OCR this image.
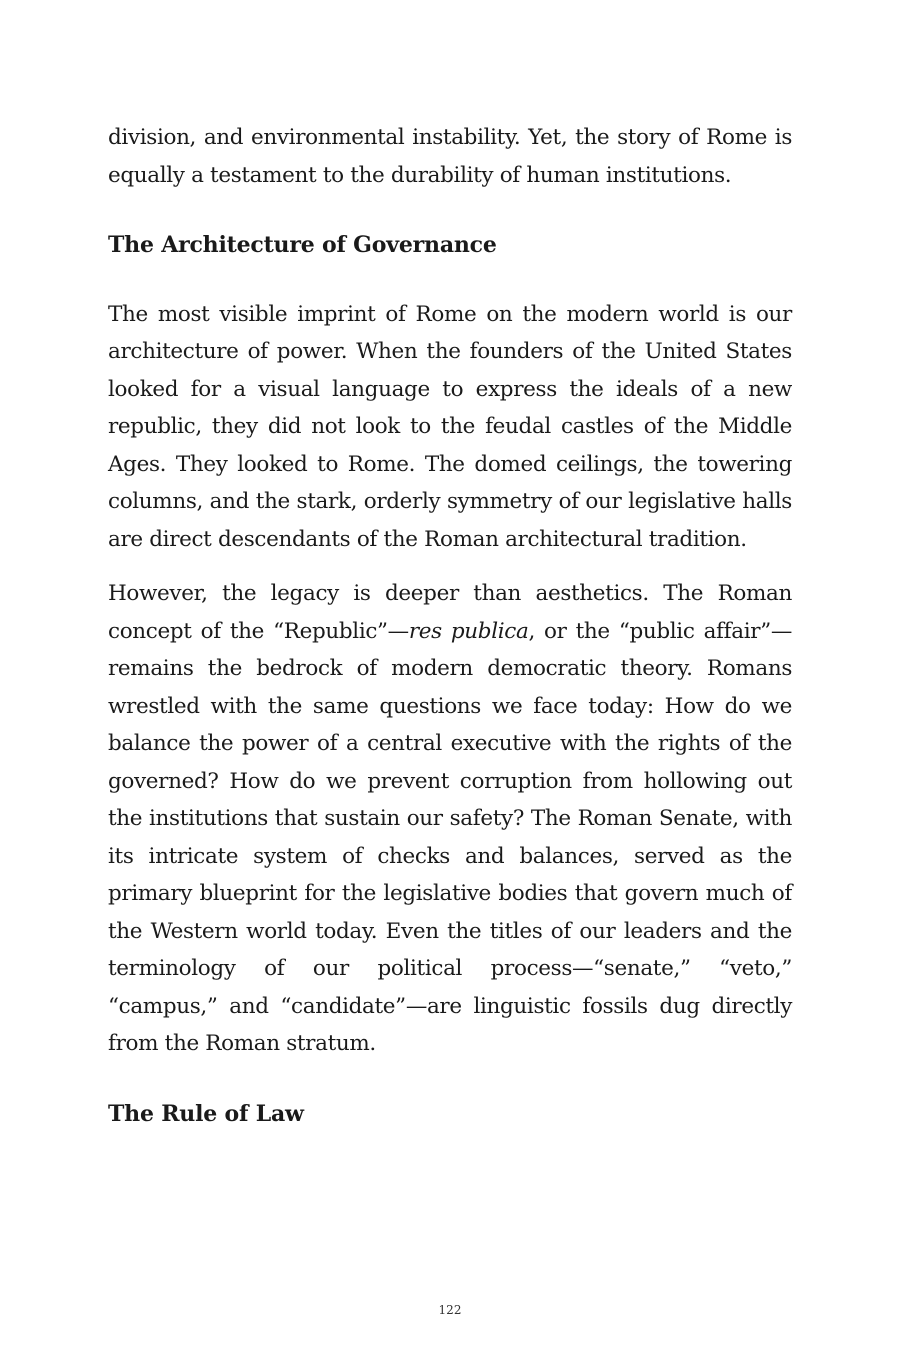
division, and environmental instability. Yet, the story of Rome is equally a testament to the durability of human institutions.

The Architecture of Governance

The most visible imprint of Rome on the modern world is our architecture of power. When the founders of the United States looked for a visual language to express the ideals of a new republic, they did not look to the feudal castles of the Middle Ages. They looked to Rome. The domed ceilings, the towering columns, and the stark, orderly symmetry of our legislative halls are direct descendants of the Roman architectural tradition.

However, the legacy is deeper than aesthetics. The Roman concept of the “Republic”—res publica, or the “public affair”—remains the bedrock of modern democratic theory. Romans wrestled with the same questions we face today: How do we balance the power of a central executive with the rights of the governed? How do we prevent corruption from hollowing out the institutions that sustain our safety? The Roman Senate, with its intricate system of checks and balances, served as the primary blueprint for the legislative bodies that govern much of the Western world today. Even the titles of our leaders and the terminology of our political process—“senate,” “veto,” “campus,” and “candidate”—are linguistic fossils dug directly from the Roman stratum.

The Rule of Law
122
